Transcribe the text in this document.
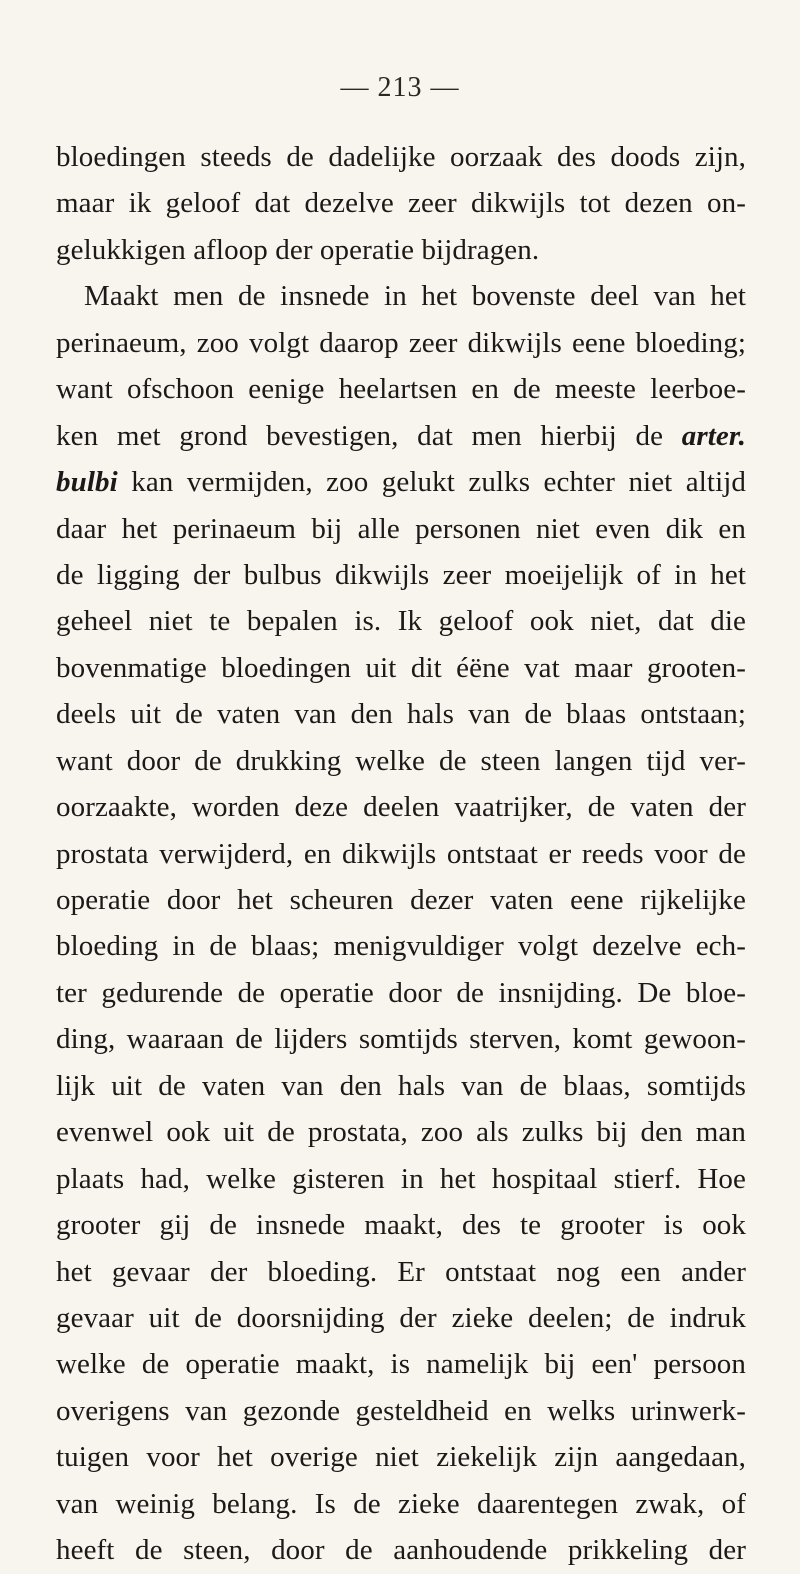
— 213 —
bloedingen steeds de dadelijke oorzaak des doods zijn,
maar ik geloof dat dezelve zeer dikwijls tot dezen on-
gelukkigen afloop der operatie bijdragen.
Maakt men de insnede in het bovenste deel van het
perinaeum, zoo volgt daarop zeer dikwijls eene bloeding;
want ofschoon eenige heelartsen en de meeste leerboe-
ken met grond bevestigen, dat men hierbij de arter.
bulbi kan vermijden, zoo gelukt zulks echter niet altijd
daar het perinaeum bij alle personen niet even dik en
de ligging der bulbus dikwijls zeer moeijelijk of in het
geheel niet te bepalen is. Ik geloof ook niet, dat die
bovenmatige bloedingen uit dit éëne vat maar grooten-
deels uit de vaten van den hals van de blaas ontstaan;
want door de drukking welke de steen langen tijd ver-
oorzaakte, worden deze deelen vaatrijker, de vaten der
prostata verwijderd, en dikwijls ontstaat er reeds voor de
operatie door het scheuren dezer vaten eene rijkelijke
bloeding in de blaas; menigvuldiger volgt dezelve ech-
ter gedurende de operatie door de insnijding. De bloe-
ding, waaraan de lijders somtijds sterven, komt gewoon-
lijk uit de vaten van den hals van de blaas, somtijds
evenwel ook uit de prostata, zoo als zulks bij den man
plaats had, welke gisteren in het hospitaal stierf. Hoe
grooter gij de insnede maakt, des te grooter is ook
het gevaar der bloeding. Er ontstaat nog een ander
gevaar uit de doorsnijding der zieke deelen; de indruk
welke de operatie maakt, is namelijk bij een' persoon
overigens van gezonde gesteldheid en welks urinwerk-
tuigen voor het overige niet ziekelijk zijn aangedaan,
van weinig belang. Is de zieke daarentegen zwak, of
heeft de steen, door de aanhoudende prikkeling der
